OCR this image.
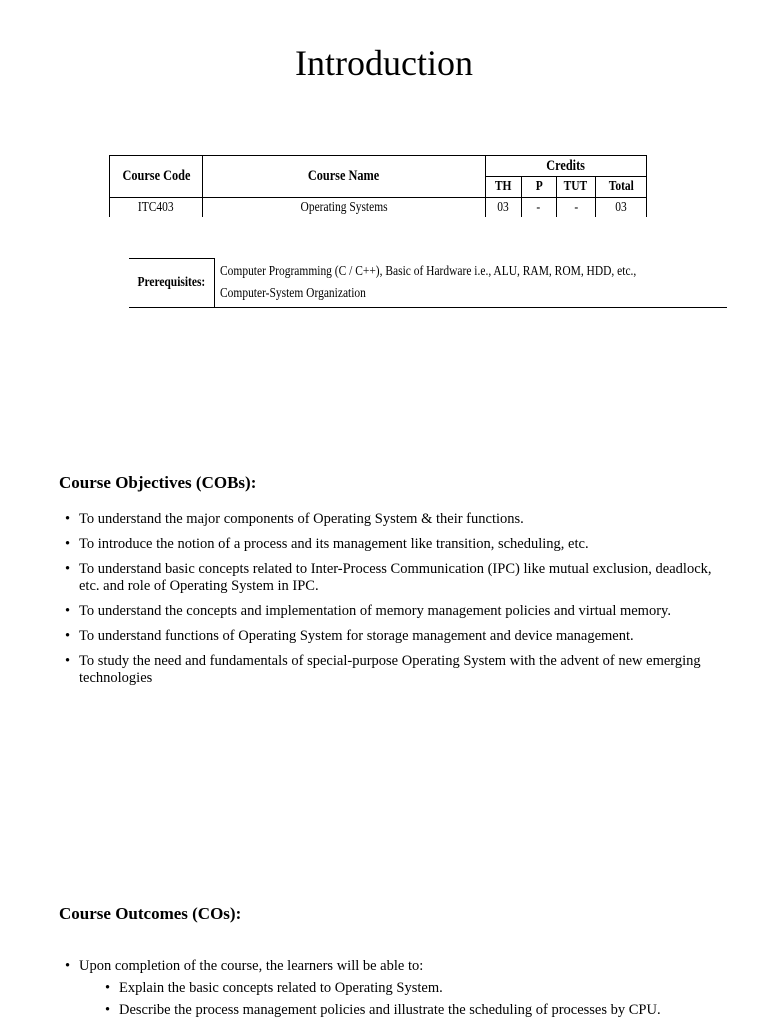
Introduction
Course Code	Course Name	Credits			
		TH	P	TUT	Total
ITC403	Operating Systems	03	-	-	03
Prerequisites:	Computer Programming (C / C++), Basic of Hardware i.e., ALU, RAM, ROM, HDD, etc.,
Computer-System Organization
Course Objectives (COBs):
• To understand the major components of Operating System & their functions.
• To introduce the notion of a process and its management like transition, scheduling, etc.
• To understand basic concepts related to Inter-Process Communication (IPC) like mutual exclusion, deadlock, etc. and role of Operating System in IPC.
• To understand the concepts and implementation of memory management policies and virtual memory.
• To understand functions of Operating System for storage management and device management.
• To study the need and fundamentals of special-purpose Operating System with the advent of new emerging technologies
Course Outcomes (COs):
• Upon completion of the course, the learners will be able to:
• Explain the basic concepts related to Operating System.
• Describe the process management policies and illustrate the scheduling of processes by CPU.
